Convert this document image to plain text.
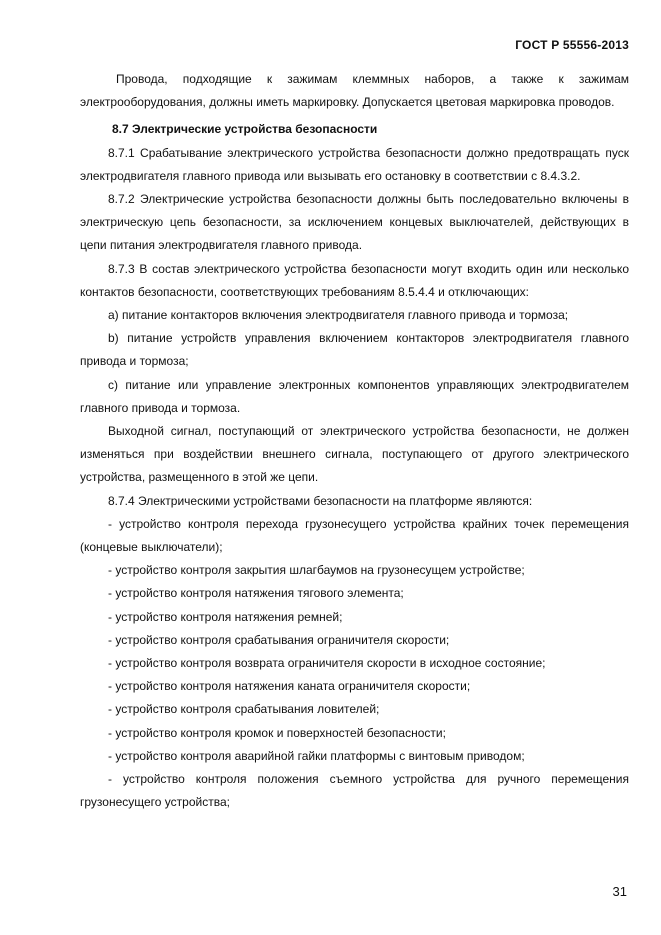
ГОСТ Р 55556-2013

Провода, подходящие к зажимам клеммных наборов, а также к зажимам электрооборудования, должны иметь маркировку. Допускается цветовая маркировка проводов.

8.7 Электрические устройства безопасности

8.7.1 Срабатывание электрического устройства безопасности должно предотвращать пуск электродвигателя главного привода или вызывать его остановку в соответствии с 8.4.3.2.

8.7.2 Электрические устройства безопасности должны быть последовательно включены в электрическую цепь безопасности, за исключением концевых выключателей, действующих в цепи питания электродвигателя главного привода.

8.7.3 В состав электрического устройства безопасности могут входить один или несколько контактов безопасности, соответствующих требованиям 8.5.4.4 и отключающих:

а) питание контакторов включения электродвигателя главного привода и тормоза;

b) питание устройств управления включением контакторов электродвигателя главного привода и тормоза;

c) питание или управление электронных компонентов управляющих электродвигателем главного привода и тормоза.

Выходной сигнал, поступающий от электрического устройства безопасности, не должен изменяться при воздействии внешнего сигнала, поступающего от другого электрического устройства, размещенного в этой же цепи.

8.7.4 Электрическими устройствами безопасности на платформе являются:

- устройство контроля перехода грузонесущего устройства крайних точек перемещения (концевые выключатели);

- устройство контроля закрытия шлагбаумов на грузонесущем устройстве;

- устройство контроля натяжения тягового элемента;

- устройство контроля натяжения ремней;

- устройство контроля срабатывания ограничителя скорости;

- устройство контроля возврата ограничителя скорости в исходное состояние;

- устройство контроля натяжения каната ограничителя скорости;

- устройство контроля срабатывания ловителей;

- устройство контроля кромок и поверхностей безопасности;

- устройство контроля аварийной гайки платформы с винтовым приводом;

- устройство контроля положения съемного устройства для ручного перемещения грузонесущего устройства;

31
